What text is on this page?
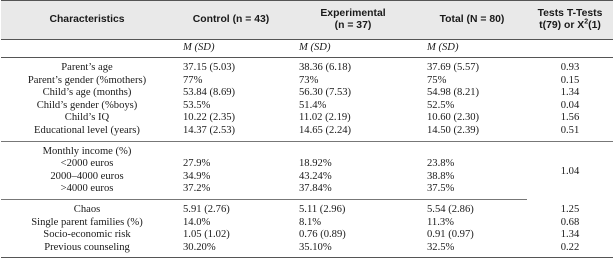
Characteristics	Control (n = 43)	Experimental
(n = 37)	Total (N = 80)	Tests T-Tests
t(79) or $X^2(1)$
	M (SD)	M (SD)	M (SD)	
Parent’s age	37.15 (5.03)	38.36 (6.18)	37.69 (5.57)	0.93
Parent’s gender (%mothers)	77%	73%	75%	0.15
Child’s age (months)	53.84 (8.69)	56.30 (7.53)	54.98 (8.21)	1.34
Child’s gender (%boys)	53.5%	51.4%	52.5%	0.04
Child’s IQ	10.22 (2.35)	11.02 (2.19)	10.60 (2.30)	1.56
Educational level (years)	14.37 (2.53)	14.65 (2.24)	14.50 (2.39)	0.51
Monthly income (%)				1.04
<2000 euros	27.9%	18.92%	23.8%	
2000–4000 euros	34.9%	43.24%	38.8%	
>4000 euros	37.2%	37.84%	37.5%	
Chaos	5.91 (2.76)	5.11 (2.96)	5.54 (2.86)	1.25
Single parent families (%)	14.0%	8.1%	11.3%	0.68
Socio-economic risk	1.05 (1.02)	0.76 (0.89)	0.91 (0.97)	1.34
Previous counseling	30.20%	35.10%	32.5%	0.22
